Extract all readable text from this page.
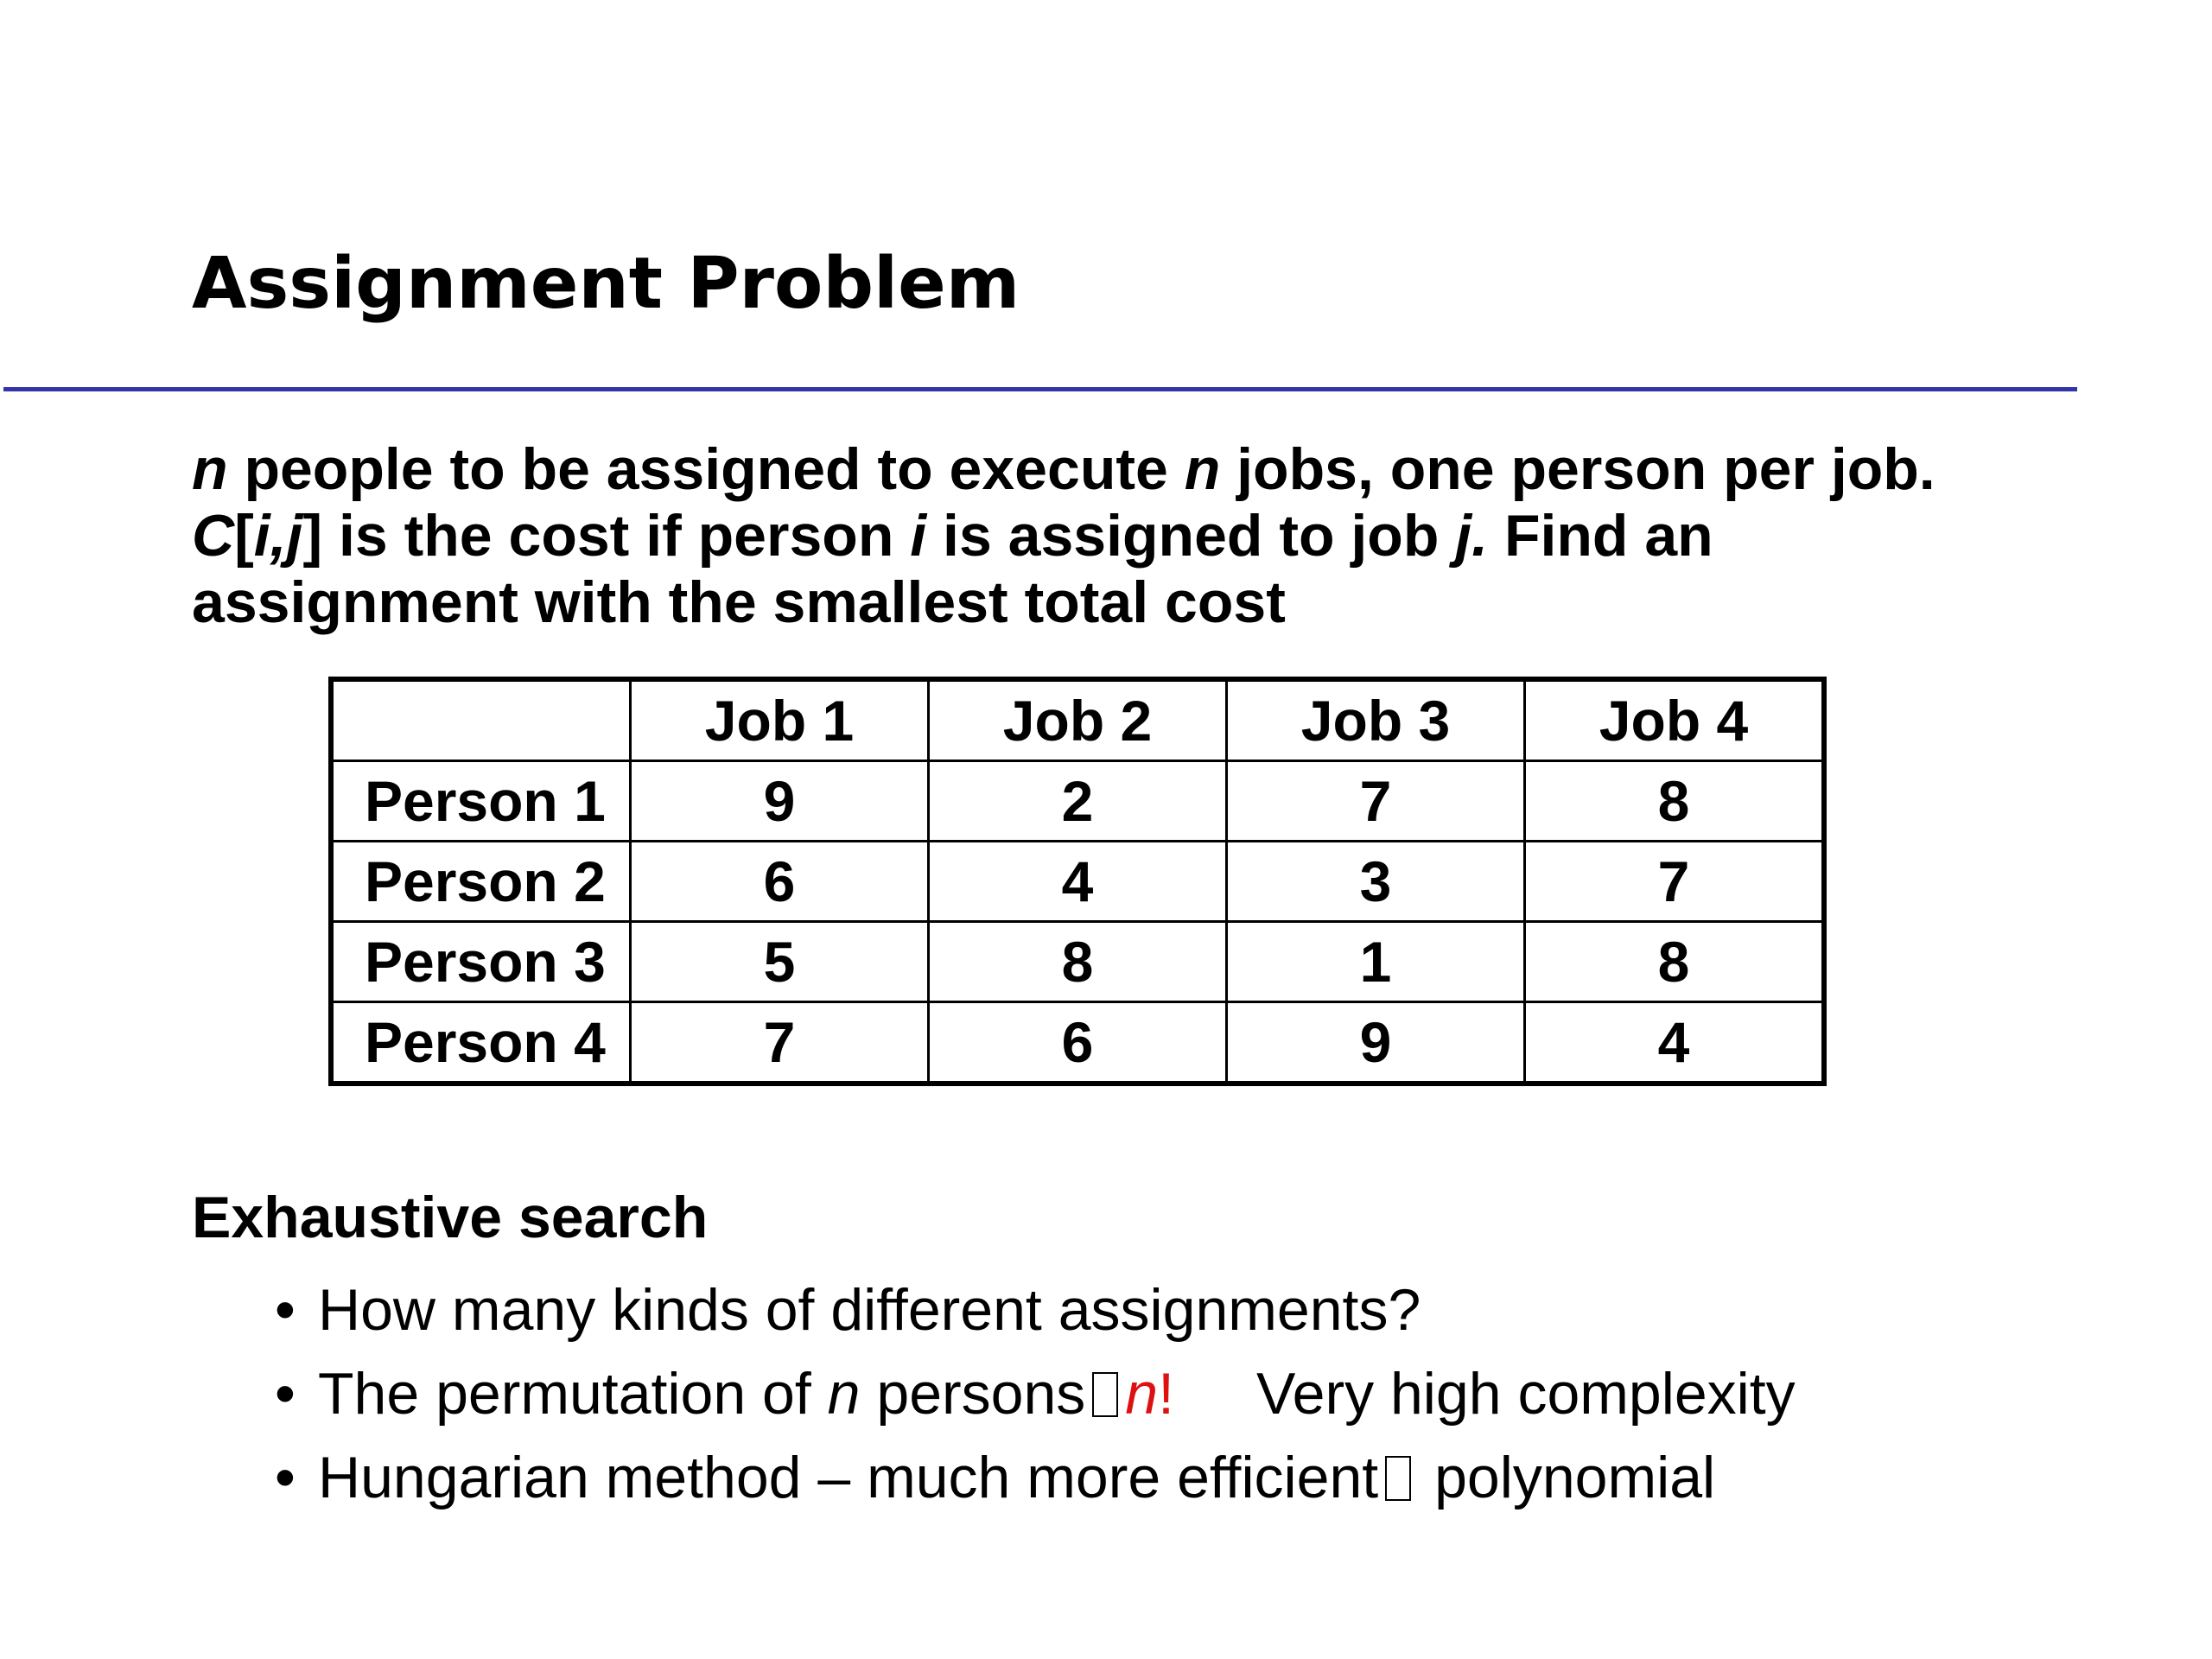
Assignment Problem
n people to be assigned to execute n jobs, one person per job.
C[i,j] is the cost if person i is assigned to job j. Find an
assignment with the smallest total cost
	Job 1	Job 2	Job 3	Job 4
Person 1	9	2	7	8
Person 2	6	4	3	7
Person 3	5	8	1	8
Person 4	7	6	9	4
Exhaustive search
• How many kinds of different assignments?
• The permutation of n persons n! Very high complexity
• Hungarian method – much more efficient polynomial
